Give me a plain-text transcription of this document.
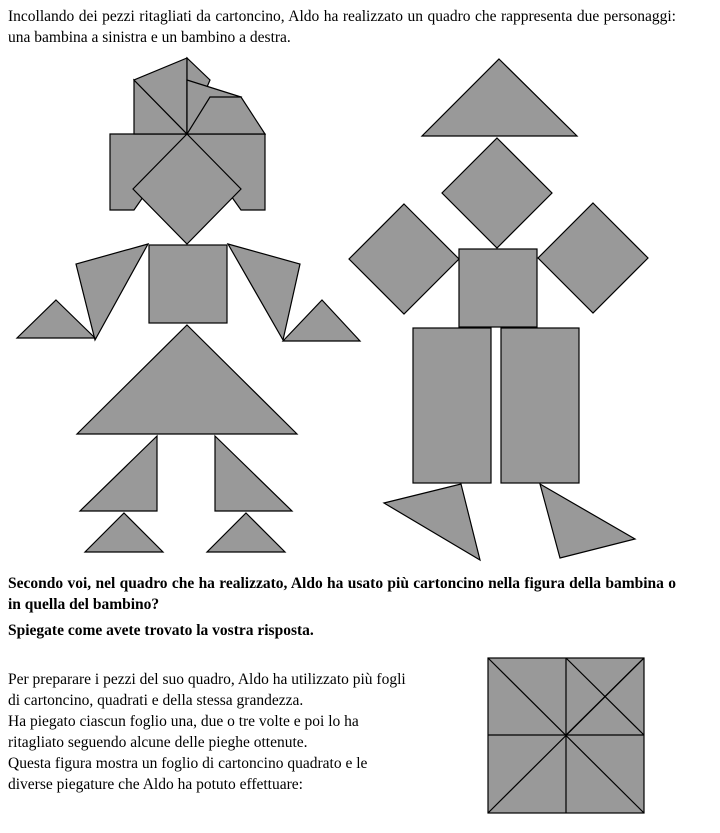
Incollando dei pezzi ritagliati da cartoncino, Aldo ha realizzato un quadro che rappresenta due personaggi: una bambina a sinistra e un bambino a destra.

Secondo voi, nel quadro che ha realizzato, Aldo ha usato più cartoncino nella figura della bambina o in quella del bambino?

Spiegate come avete trovato la vostra risposta.

Per preparare i pezzi del suo quadro, Aldo ha utilizzato più fogli
di cartoncino, quadrati e della stessa grandezza.
Ha piegato ciascun foglio una, due o tre volte e poi lo ha
ritagliato seguendo alcune delle pieghe ottenute.
Questa figura mostra un foglio di cartoncino quadrato e le
diverse piegature che Aldo ha potuto effettuare:
